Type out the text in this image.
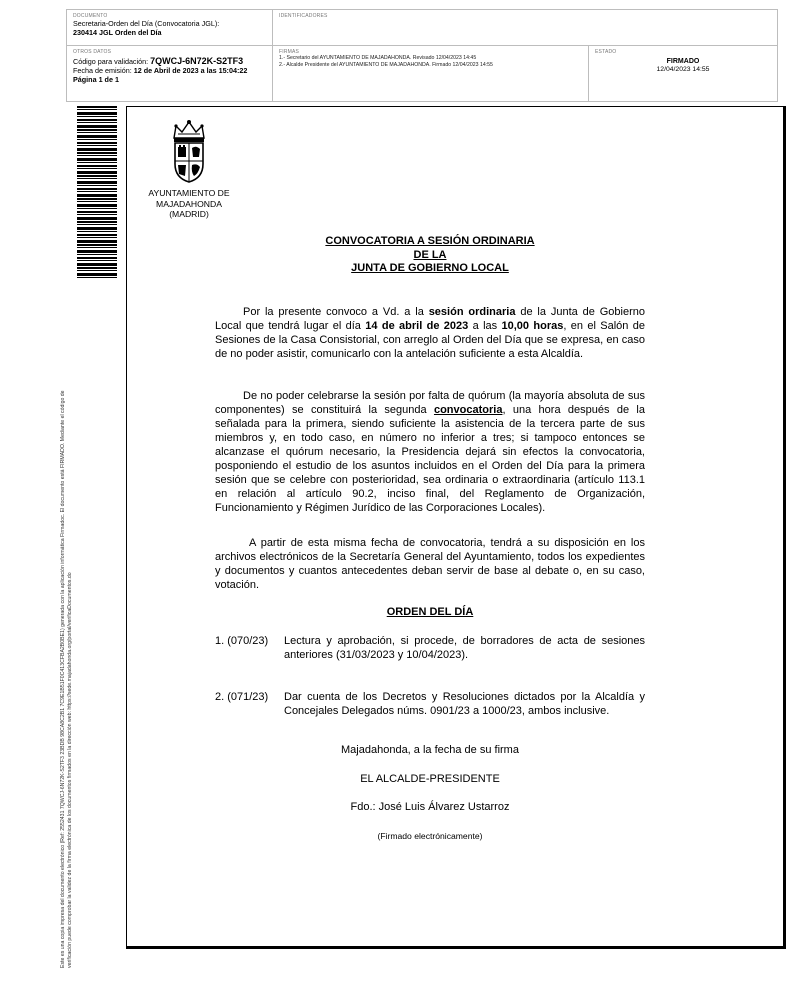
DOCUMENTO
Secretaria-Orden del Día (Convocatoria JGL):
230414 JGL Orden del Día
IDENTIFICADORES
OTROS DATOS
Código para validación: 7QWCJ-6N72K-S2TF3
Fecha de emisión: 12 de Abril de 2023 a las 15:04:22
Página 1 de 1
FIRMAS
1.- Secretario del AYUNTAMIENTO DE MAJADAHONDA. Revisado 12/04/2023 14:45
2.- Alcalde Presidente del AYUNTAMIENTO DE MAJADAHONDA. Firmado 12/04/2023 14:55
ESTADO
FIRMADO
12/04/2023 14:55
Este es una copia impresa del documento electrónico (Ref: 2552431 7QWCJ-6N72K-S2TF3 23BDB 98CA8C2B1 7C9E1B51F0C413CFBA2B0BE1) generada con la aplicación informática Firmadoc. El documento está FIRMADO. Mediante el código de verificación puede comprobar la validez de la firma electrónica de los documentos firmados en la dirección web: https://sede.majadahonda.org/portal/verificaDocumentos.do
AYUNTAMIENTO DE
MAJADAHONDA
(MADRID)
CONVOCATORIA A SESIÓN ORDINARIA
DE LA
JUNTA DE GOBIERNO LOCAL
Por la presente convoco a Vd. a la sesión ordinaria de la Junta de Gobierno Local que tendrá lugar el día 14 de abril de 2023 a las 10,00 horas, en el Salón de Sesiones de la Casa Consistorial, con arreglo al Orden del Día que se expresa, en caso de no poder asistir, comunicarlo con la antelación suficiente a esta Alcaldía.
De no poder celebrarse la sesión por falta de quórum (la mayoría absoluta de sus componentes) se constituirá la segunda convocatoria, una hora después de la señalada para la primera, siendo suficiente la asistencia de la tercera parte de sus miembros y, en todo caso, en número no inferior a tres; si tampoco entonces se alcanzase el quórum necesario, la Presidencia dejará sin efectos la convocatoria, posponiendo el estudio de los asuntos incluidos en el Orden del Día para la primera sesión que se celebre con posterioridad, sea ordinaria o extraordinaria (artículo 113.1 en relación al artículo 90.2, inciso final, del Reglamento de Organización, Funcionamiento y Régimen Jurídico de las Corporaciones Locales).
A partir de esta misma fecha de convocatoria, tendrá a su disposición en los archivos electrónicos de la Secretaría General del Ayuntamiento, todos los expedientes y documentos y cuantos antecedentes deban servir de base al debate o, en su caso, votación.
ORDEN DEL DÍA
1. (070/23) Lectura y aprobación, si procede, de borradores de acta de sesiones anteriores (31/03/2023 y 10/04/2023).
2. (071/23) Dar cuenta de los Decretos y Resoluciones dictados por la Alcaldía y Concejales Delegados núms. 0901/23 a 1000/23, ambos inclusive.
Majadahonda, a la fecha de su firma
EL ALCALDE-PRESIDENTE
Fdo.: José Luis Álvarez Ustarroz
(Firmado electrónicamente)
